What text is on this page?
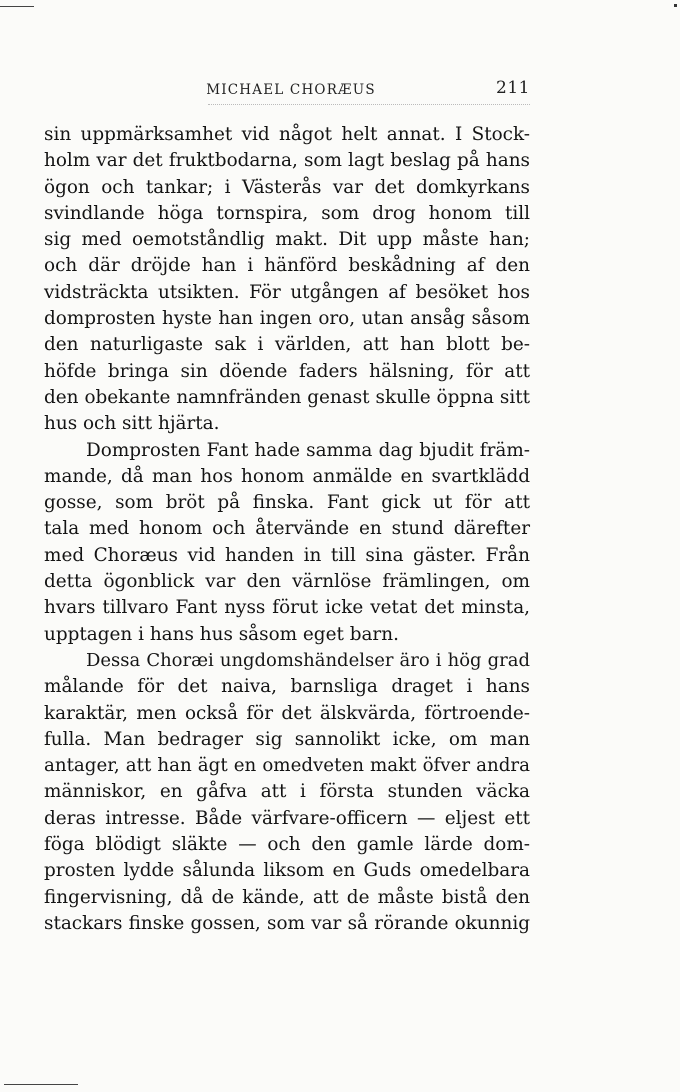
MICHAEL CHORÆUS	211
sin uppmärksamhet vid något helt annat. I Stock-
holm var det fruktbodarna, som lagt beslag på hans
ögon och tankar; i Västerås var det domkyrkans
svindlande höga tornspira, som drog honom till
sig med oemotståndlig makt. Dit upp måste han;
och där dröjde han i hänförd beskådning af den
vidsträckta utsikten. För utgången af besöket hos
domprosten hyste han ingen oro, utan ansåg såsom
den naturligaste sak i världen, att han blott be-
höfde bringa sin döende faders hälsning, för att
den obekante namnfränden genast skulle öppna sitt
hus och sitt hjärta.
Domprosten Fant hade samma dag bjudit främ-
mande, då man hos honom anmälde en svartklädd
gosse, som bröt på finska. Fant gick ut för att
tala med honom och återvände en stund därefter
med Choræus vid handen in till sina gäster. Från
detta ögonblick var den värnlöse främlingen, om
hvars tillvaro Fant nyss förut icke vetat det minsta,
upptagen i hans hus såsom eget barn.
Dessa Choræi ungdomshändelser äro i hög grad
målande för det naiva, barnsliga draget i hans
karaktär, men också för det älskvärda, förtroende-
fulla. Man bedrager sig sannolikt icke, om man
antager, att han ägt en omedveten makt öfver andra
människor, en gåfva att i första stunden väcka
deras intresse. Både värfvare-officern — eljest ett
föga blödigt släkte — och den gamle lärde dom-
prosten lydde sålunda liksom en Guds omedelbara
fingervisning, då de kände, att de måste bistå den
stackars finske gossen, som var så rörande okunnig
